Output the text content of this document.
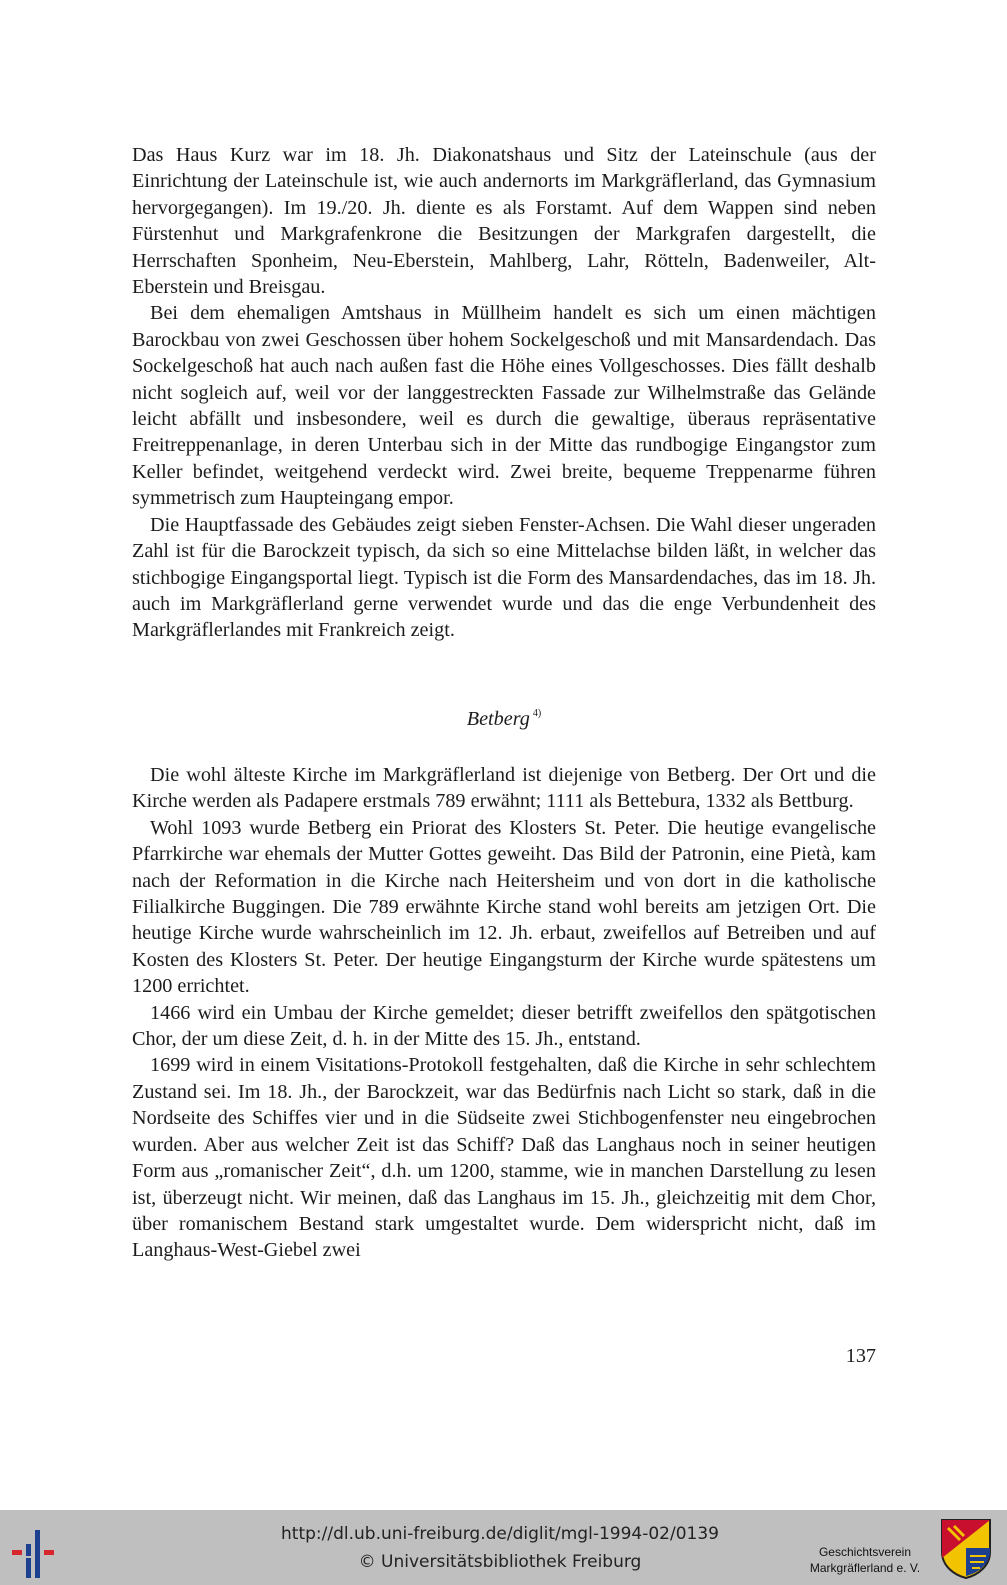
Das Haus Kurz war im 18. Jh. Diakonatshaus und Sitz der Lateinschule (aus der Einrichtung der Lateinschule ist, wie auch andernorts im Markgräflerland, das Gymnasium hervorgegangen). Im 19./20. Jh. diente es als Forstamt. Auf dem Wappen sind neben Fürstenhut und Markgrafenkrone die Besitzungen der Markgrafen dargestellt, die Herrschaften Sponheim, Neu-Eberstein, Mahlberg, Lahr, Rötteln, Badenweiler, Alt-Eberstein und Breisgau.

Bei dem ehemaligen Amtshaus in Müllheim handelt es sich um einen mächtigen Barockbau von zwei Geschossen über hohem Sockelgeschoß und mit Mansardendach. Das Sockelgeschoß hat auch nach außen fast die Höhe eines Vollgeschosses. Dies fällt deshalb nicht sogleich auf, weil vor der langgestreckten Fassade zur Wilhelmstraße das Gelände leicht abfällt und insbesondere, weil es durch die gewaltige, überaus repräsentative Freitreppenanlage, in deren Unterbau sich in der Mitte das rundbogige Eingangstor zum Keller befindet, weitgehend verdeckt wird. Zwei breite, bequeme Treppenarme führen symmetrisch zum Haupteingang empor.

Die Hauptfassade des Gebäudes zeigt sieben Fenster-Achsen. Die Wahl dieser ungeraden Zahl ist für die Barockzeit typisch, da sich so eine Mittelachse bilden läßt, in welcher das stichbogige Eingangsportal liegt. Typisch ist die Form des Mansardendaches, das im 18. Jh. auch im Markgräflerland gerne verwendet wurde und das die enge Verbundenheit des Markgräflerlandes mit Frankreich zeigt.

Betberg $^{4)}$

Die wohl älteste Kirche im Markgräflerland ist diejenige von Betberg. Der Ort und die Kirche werden als Padapere erstmals 789 erwähnt; 1111 als Bettebura, 1332 als Bettburg.

Wohl 1093 wurde Betberg ein Priorat des Klosters St. Peter. Die heutige evangelische Pfarrkirche war ehemals der Mutter Gottes geweiht. Das Bild der Patronin, eine Pietà, kam nach der Reformation in die Kirche nach Heitersheim und von dort in die katholische Filialkirche Buggingen. Die 789 erwähnte Kirche stand wohl bereits am jetzigen Ort. Die heutige Kirche wurde wahrscheinlich im 12. Jh. erbaut, zweifellos auf Betreiben und auf Kosten des Klosters St. Peter. Der heutige Eingangsturm der Kirche wurde spätestens um 1200 errichtet.

1466 wird ein Umbau der Kirche gemeldet; dieser betrifft zweifellos den spätgotischen Chor, der um diese Zeit, d. h. in der Mitte des 15. Jh., entstand.

1699 wird in einem Visitations-Protokoll festgehalten, daß die Kirche in sehr schlechtem Zustand sei. Im 18. Jh., der Barockzeit, war das Bedürfnis nach Licht so stark, daß in die Nordseite des Schiffes vier und in die Südseite zwei Stichbogenfenster neu eingebrochen wurden. Aber aus welcher Zeit ist das Schiff? Daß das Langhaus noch in seiner heutigen Form aus „romanischer Zeit“, d.h. um 1200, stamme, wie in manchen Darstellung zu lesen ist, überzeugt nicht. Wir meinen, daß das Langhaus im 15. Jh., gleichzeitig mit dem Chor, über romanischem Bestand stark umgestaltet wurde. Dem widerspricht nicht, daß im Langhaus-West-Giebel zwei

137
http://dl.ub.uni-freiburg.de/diglit/mgl-1994-02/0139
© Universitätsbibliothek Freiburg	Geschichtsverein
Markgräflerland e. V.
